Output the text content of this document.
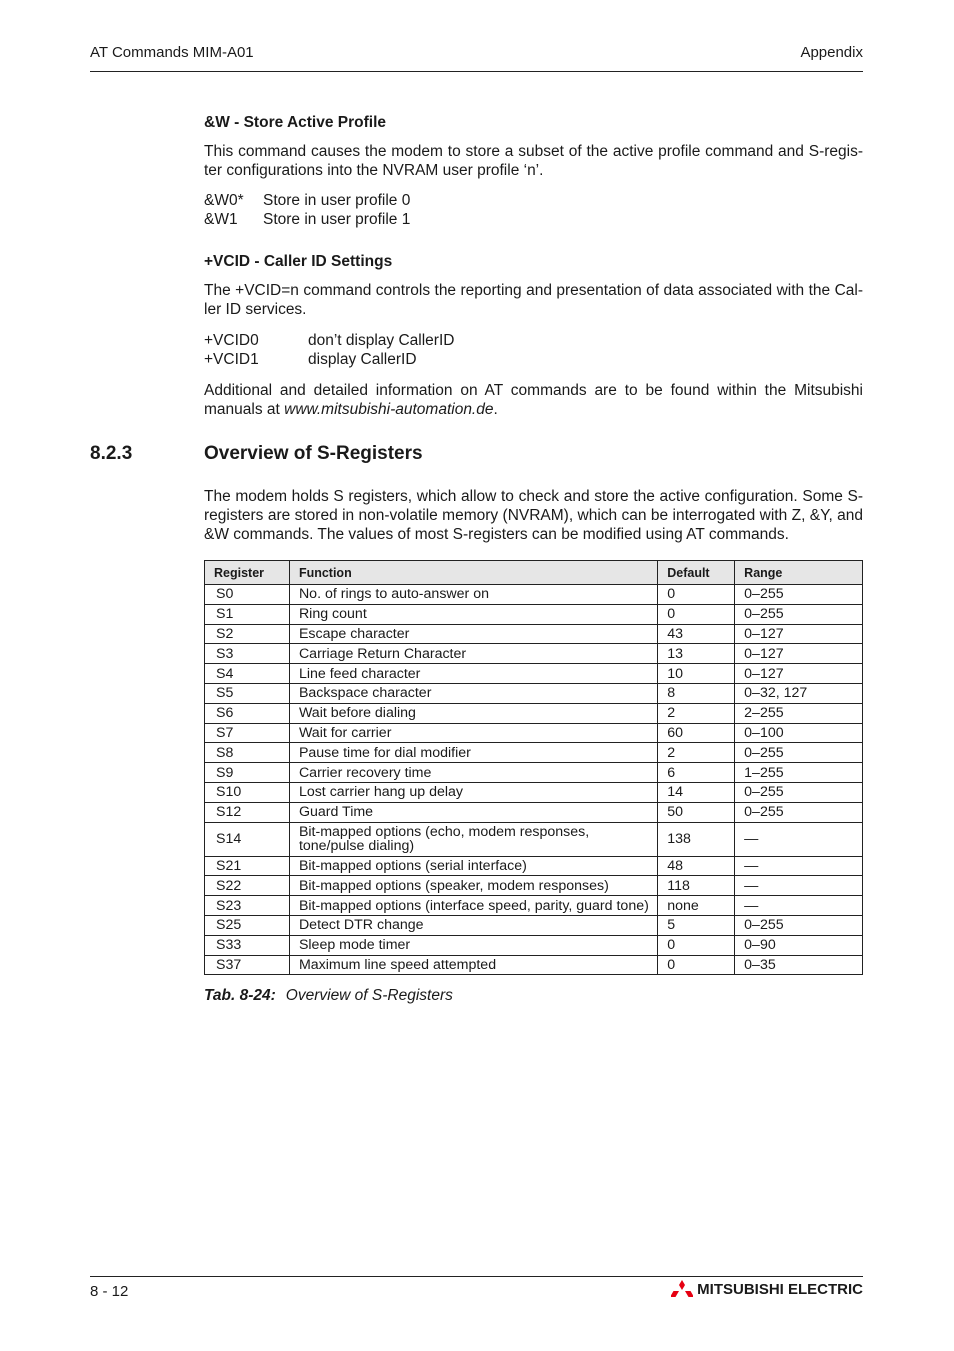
AT Commands MIM-A01	Appendix
&W - Store Active Profile

This command causes the modem to store a subset of the active profile command and S-regis-ter configurations into the NVRAM user profile ‘n’.

&W0*	Store in user profile 0
&W1	Store in user profile 1
+VCID - Caller ID Settings

The +VCID=n command controls the reporting and presentation of data associated with the Cal-ler ID services.

+VCID0	don’t display CallerID
+VCID1	display CallerID

Additional and detailed information on AT commands are to be found within the Mitsubishi manuals at www.mitsubishi-automation.de.

8.2.3	Overview of S-Registers

The modem holds S registers, which allow to check and store the active configuration. Some S-registers are stored in non-volatile memory (NVRAM), which can be interrogated with Z, &Y, and &W commands. The values of most S-registers can be modified using AT commands.

Register	Function	Default	Range
S0	No. of rings to auto-answer on	0	0–255
S1	Ring count	0	0–255
S2	Escape character	43	0–127
S3	Carriage Return Character	13	0–127
S4	Line feed character	10	0–127
S5	Backspace character	8	0–32, 127
S6	Wait before dialing	2	2–255
S7	Wait for carrier	60	0–100
S8	Pause time for dial modifier	2	0–255
S9	Carrier recovery time	6	1–255
S10	Lost carrier hang up delay	14	0–255
S12	Guard Time	50	0–255
S14	Bit-mapped options (echo, modem responses, tone/pulse dialing)	138	—
S21	Bit-mapped options (serial interface)	48	—
S22	Bit-mapped options (speaker, modem responses)	118	—
S23	Bit-mapped options (interface speed, parity, guard tone)	none	—
S25	Detect DTR change	5	0–255
S33	Sleep mode timer	0	0–90
S37	Maximum line speed attempted	0	0–35
Tab. 8-24: Overview of S-Registers
8 - 12	MITSUBISHI ELECTRIC
